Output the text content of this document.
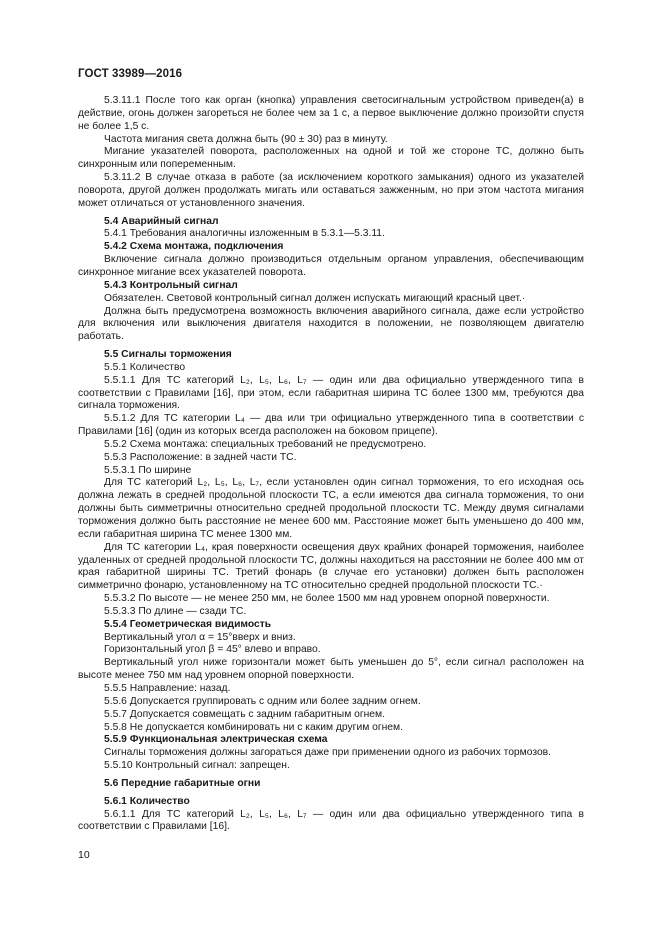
ГОСТ 33989—2016

5.3.11.1 После того как орган (кнопка) управления светосигнальным устройством приведен(а) в действие, огонь должен загореться не более чем за 1 с, а первое выключение должно произойти спустя не более 1,5 с.

Частота мигания света должна быть (90 ± 30) раз в минуту.

Мигание указателей поворота, расположенных на одной и той же стороне ТС, должно быть синхронным или попеременным.

5.3.11.2 В случае отказа в работе (за исключением короткого замыкания) одного из указателей поворота, другой должен продолжать мигать или оставаться зажженным, но при этом частота мигания может отличаться от установленного значения.

5.4 Аварийный сигнал

5.4.1 Требования аналогичны изложенным в 5.3.1—5.3.11.

5.4.2 Схема монтажа, подключения

Включение сигнала должно производиться отдельным органом управления, обеспечивающим синхронное мигание всех указателей поворота.

5.4.3 Контрольный сигнал

Обязателен. Световой контрольный сигнал должен испускать мигающий красный цвет.·

Должна быть предусмотрена возможность включения аварийного сигнала, даже если устройство для включения или выключения двигателя находится в положении, не позволяющем двигателю работать.

5.5 Сигналы торможения

5.5.1 Количество

5.5.1.1 Для ТС категорий L₂, L₅, L₆, L₇ — один или два официально утвержденного типа в соответствии с Правилами [16], при этом, если габаритная ширина ТС более 1300 мм, требуются два сигнала торможения.

5.5.1.2 Для ТС категории L₄ — два или три официально утвержденного типа в соответствии с Правилами [16] (один из которых всегда расположен на боковом прицепе).

5.5.2 Схема монтажа: специальных требований не предусмотрено.

5.5.3 Расположение: в задней части ТС.

5.5.3.1 По ширине

Для ТС категорий L₂, L₅, L₆, L₇, если установлен один сигнал торможения, то его исходная ось должна лежать в средней продольной плоскости ТС, а если имеются два сигнала торможения, то они должны быть симметричны относительно средней продольной плоскости ТС. Между двумя сигналами торможения должно быть расстояние не менее 600 мм. Расстояние может быть уменьшено до 400 мм, если габаритная ширина ТС менее 1300 мм.

Для ТС категории L₄, края поверхности освещения двух крайних фонарей торможения, наиболее удаленных от средней продольной плоскости ТС, должны находиться на расстоянии не более 400 мм от края габаритной ширины ТС. Третий фонарь (в случае его установки) должен быть расположен симметрично фонарю, установленному на ТС относительно средней продольной плоскости ТС.·

5.5.3.2 По высоте — не менее 250 мм, не более 1500 мм над уровнем опорной поверхности.

5.5.3.3 По длине — сзади ТС.

5.5.4 Геометрическая видимость

Вертикальный угол α = 15°вверх и вниз.

Горизонтальный угол β = 45° влево и вправо.

Вертикальный угол ниже горизонтали может быть уменьшен до 5°, если сигнал расположен на высоте менее 750 мм над уровнем опорной поверхности.

5.5.5 Направление: назад.

5.5.6 Допускается группировать с одним или более задним огнем.

5.5.7 Допускается совмещать с задним габаритным огнем.

5.5.8 Не допускается комбинировать ни с каким другим огнем.

5.5.9 Функциональная электрическая схема

Сигналы торможения должны загораться даже при применении одного из рабочих тормозов.

5.5.10 Контрольный сигнал: запрещен.

5.6 Передние габаритные огни

5.6.1 Количество

5.6.1.1 Для ТС категорий L₂, L₅, L₆, L₇ — один или два официально утвержденного типа в соответствии с Правилами [16].

10
